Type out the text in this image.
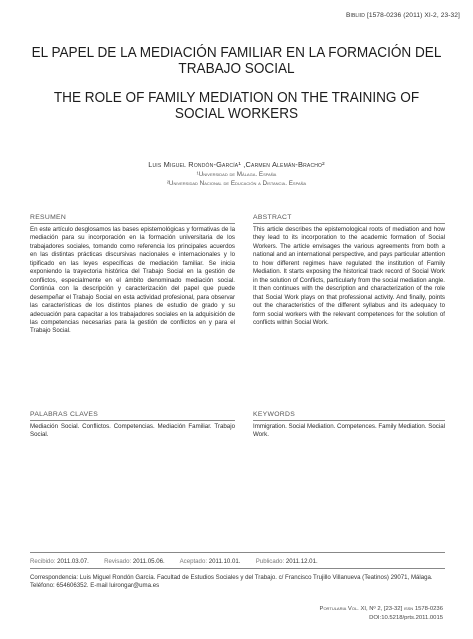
Bibliid [1578-0236 (2011) XI-2, 23-32]
EL PAPEL DE LA MEDIACIÓN FAMILIAR EN LA FORMACIÓN DEL TRABAJO SOCIAL
THE ROLE OF FAMILY MEDIATION ON THE TRAINING OF SOCIAL WORKERS
Luis Miguel Rondón-García¹ ,Carmen Alemán-Bracho²
¹Universidad de Málaga. España
²Universidad Nacional de Educación a Distancia. España
RESUMEN

En este artículo desglosamos las bases epistemológicas y formativas de la mediación para su incorporación en la formación universitaria de los trabajadores sociales, tomando como referencia los principales acuerdos en las distintas prácticas discursivas nacionales e internacionales y lo tipificado en las leyes específicas de mediación familiar. Se inicia exponiendo la trayectoria histórica del Trabajo Social en la gestión de conflictos, especialmente en el ámbito denominado mediación social. Continúa con la descripción y caracterización del papel que puede desempeñar el Trabajo Social en esta actividad profesional, para observar las características de los distintos planes de estudio de grado y su adecuación para capacitar a los trabajadores sociales en la adquisición de las competencias necesarias para la gestión de conflictos en y para el Trabajo Social.

ABSTRACT

This article describes the epistemological roots of mediation and how they lead to its incorporation to the academic formation of Social Workers. The article envisages the various agreements from both a national and an international perspective, and pays particular attention to how different regimes have regulated the institution of Family Mediation. It starts exposing the historical track record of Social Work in the solution of Conflicts, particularly from the social mediation angle. It then continues with the description and characterization of the role that Social Work plays on that professional activity. And finally, points out the characteristics of the different syllabus and its adequacy to form social workers with the relevant competences for the solution of conflicts within Social Work.

PALABRAS CLAVES

Mediación Social. Conflictos. Competencias. Mediación Familiar. Trabajo Social.

KEYWORDS

Immigration. Social Mediation. Competences. Family Mediation. Social Work.

Recibido: 2011.03.07.	Revisado: 2011.05.06. Aceptado: 2011.10.01.	Publicado: 2011.12.01.

Correspondencia: Luis Miguel Rondón García. Facultad de Estudios Sociales y del Trabajo. c/ Francisco Trujillo Villanueva (Teatinos) 29071, Málaga. Teléfono: 654606352. E-mail luirongar@uma.es

Portularia Vol. XI, Nº 2, [23-32] issn 1578-0236
DOI:10.5218/prts.2011.0015
